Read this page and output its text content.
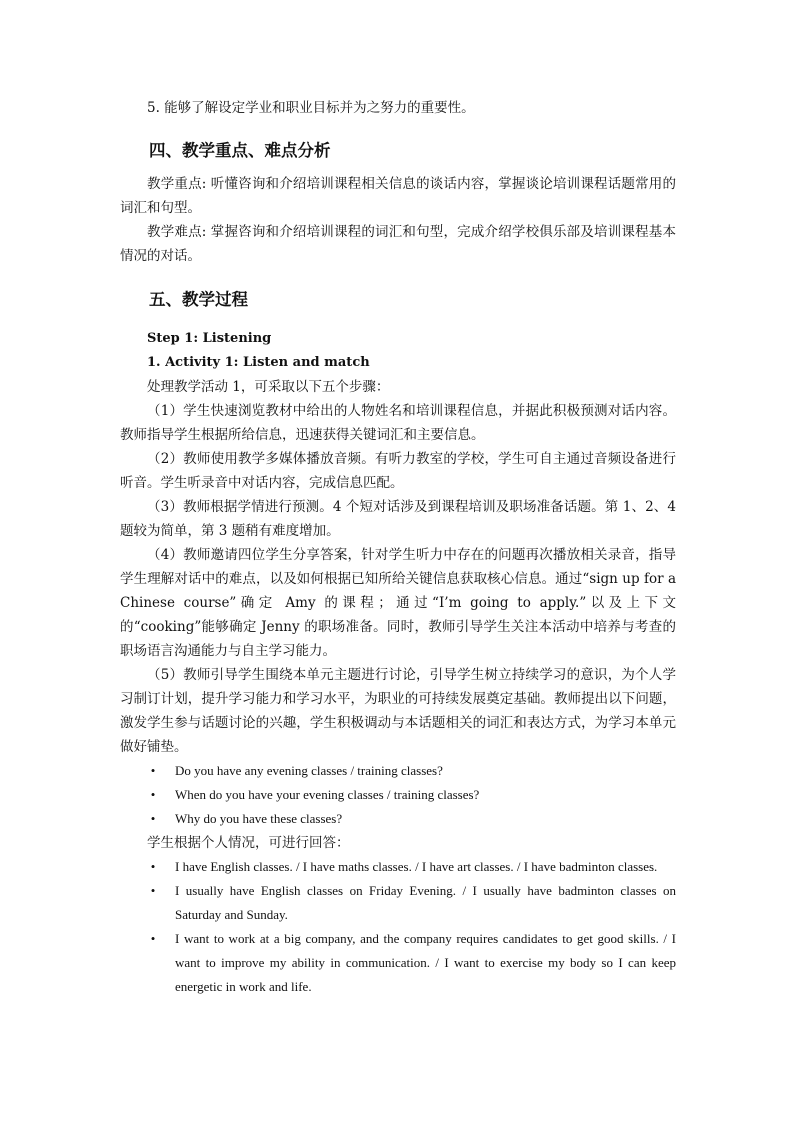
5. 能够了解设定学业和职业目标并为之努力的重要性。

四、教学重点、难点分析

教学重点: 听懂咨询和介绍培训课程相关信息的谈话内容，掌握谈论培训课程话题常用的词汇和句型。

教学难点: 掌握咨询和介绍培训课程的词汇和句型，完成介绍学校俱乐部及培训课程基本情况的对话。

五、教学过程

Step 1: Listening

1. Activity 1: Listen and match

处理教学活动 1，可采取以下五个步骤：

（1）学生快速浏览教材中给出的人物姓名和培训课程信息，并据此积极预测对话内容。教师指导学生根据所给信息，迅速获得关键词汇和主要信息。

（2）教师使用教学多媒体播放音频。有听力教室的学校，学生可自主通过音频设备进行听音。学生听录音中对话内容，完成信息匹配。

（3）教师根据学情进行预测。4 个短对话涉及到课程培训及职场准备话题。第 1、2、4 题较为简单，第 3 题稍有难度增加。

（4）教师邀请四位学生分享答案，针对学生听力中存在的问题再次播放相关录音，指导学生理解对话中的难点，以及如何根据已知所给关键信息获取核心信息。通过“sign up for a Chinese course”确定 Amy 的课程；通过“I’m going to apply.”以及上下文的“cooking”能够确定 Jenny 的职场准备。同时，教师引导学生关注本活动中培养与考查的职场语言沟通能力与自主学习能力。

（5）教师引导学生围绕本单元主题进行讨论，引导学生树立持续学习的意识，为个人学习制订计划，提升学习能力和学习水平，为职业的可持续发展奠定基础。教师提出以下问题，激发学生参与话题讨论的兴趣，学生积极调动与本话题相关的词汇和表达方式，为学习本单元做好铺垫。

• Do you have any evening classes / training classes?
• When do you have your evening classes / training classes?
• Why do you have these classes?

学生根据个人情况，可进行回答：

• I have English classes. / I have maths classes. / I have art classes. / I have badminton classes.
• I usually have English classes on Friday Evening. / I usually have badminton classes on Saturday and Sunday.
• I want to work at a big company, and the company requires candidates to get good skills. / I want to improve my ability in communication. / I want to exercise my body so I can keep energetic in work and life.
